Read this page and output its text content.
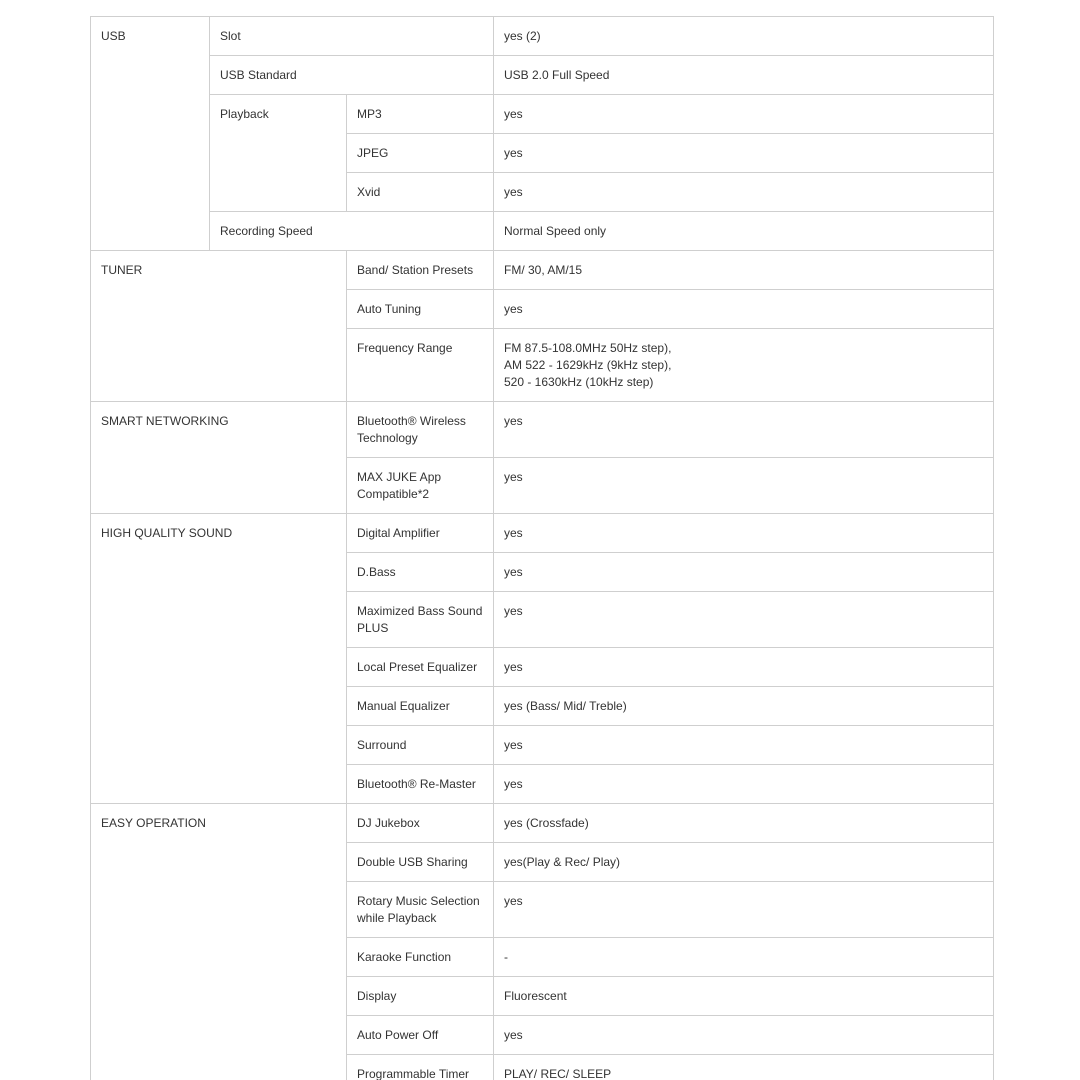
USB	Slot		yes (2)
	USB Standard		USB 2.0 Full Speed
	Playback	MP3	yes
		JPEG	yes
		Xvid	yes
	Recording Speed		Normal Speed only
TUNER		Band/ Station Presets	FM/ 30, AM/15
		Auto Tuning	yes
		Frequency Range	FM 87.5-108.0MHz 50Hz step),
AM 522 - 1629kHz (9kHz step),
520 - 1630kHz (10kHz step)
SMART NETWORKING		Bluetooth® Wireless Technology	yes
		MAX JUKE App Compatible*2	yes
HIGH QUALITY SOUND		Digital Amplifier	yes
		D.Bass	yes
		Maximized Bass Sound PLUS	yes
		Local Preset Equalizer	yes
		Manual Equalizer	yes (Bass/ Mid/ Treble)
		Surround	yes
		Bluetooth® Re-Master	yes
EASY OPERATION		DJ Jukebox	yes (Crossfade)
		Double USB Sharing	yes(Play & Rec/ Play)
		Rotary Music Selection while Playback	yes
		Karaoke Function	-
		Display	Fluorescent
		Auto Power Off	yes
		Programmable Timer	PLAY/ REC/ SLEEP
